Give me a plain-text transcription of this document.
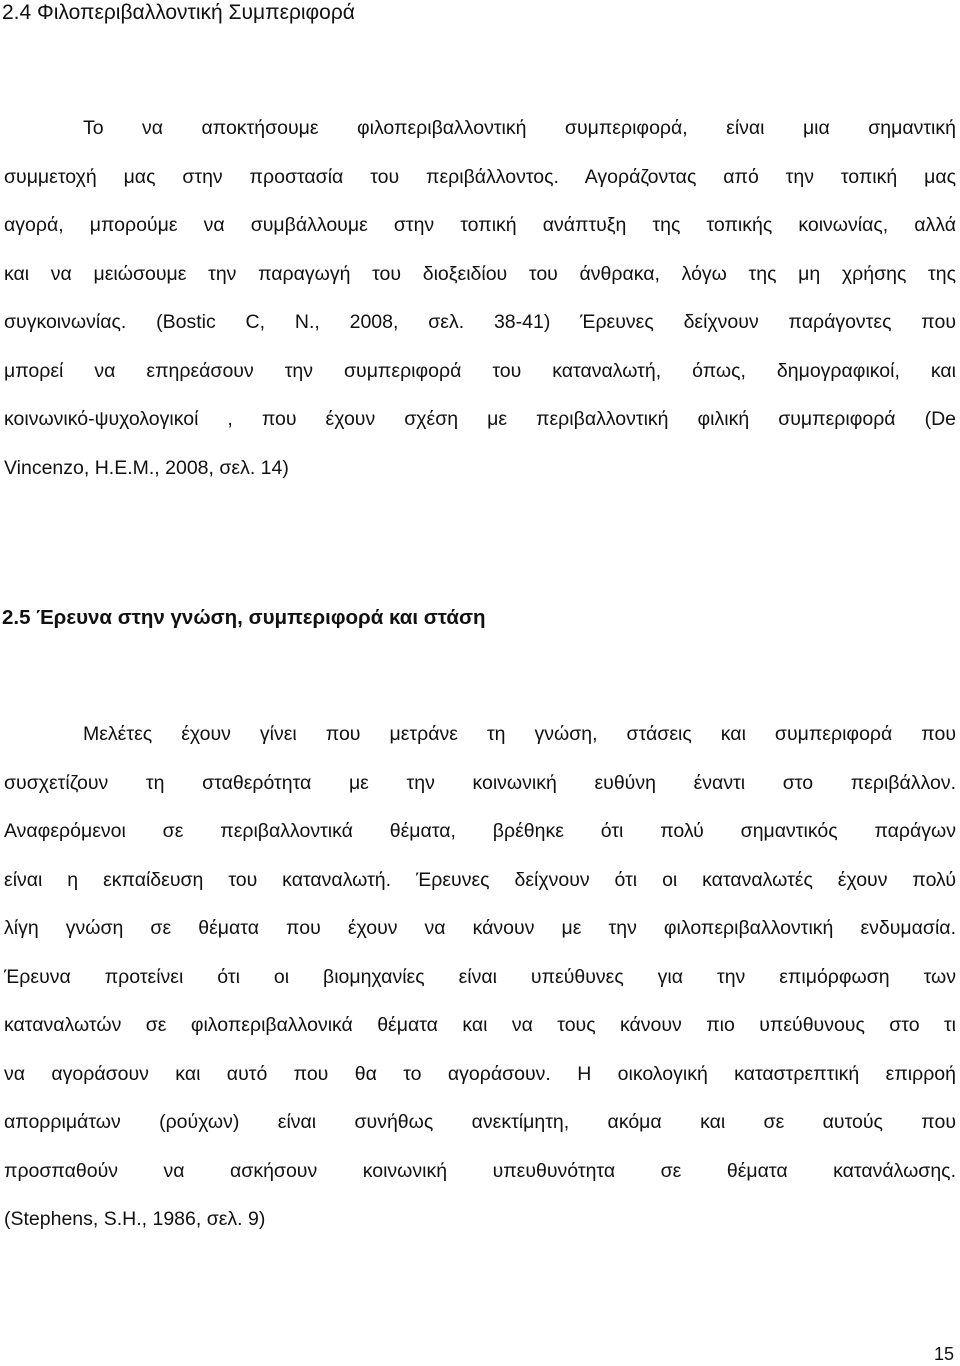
2.4 Φιλοπεριβαλλοντική Συμπεριφορά
Το να αποκτήσουμε φιλοπεριβαλλοντική συμπεριφορά, είναι μια σημαντική
συμμετοχή μας στην προστασία του περιβάλλοντος. Αγοράζοντας από την τοπική μας
αγορά, μπορούμε να συμβάλλουμε στην τοπική ανάπτυξη της τοπικής κοινωνίας, αλλά
και να μειώσουμε την παραγωγή του διοξειδίου του άνθρακα, λόγω της μη χρήσης της
συγκοινωνίας. (Bostic C, N., 2008, σελ. 38-41) Έρευνες δείχνουν παράγοντες που
μπορεί να επηρεάσουν την συμπεριφορά του καταναλωτή, όπως, δημογραφικοί, και
κοινωνικό-ψυχολογικοί , που έχουν σχέση με περιβαλλοντική φιλική συμπεριφορά (De
Vincenzo, H.E.M., 2008, σελ. 14)
2.5 Έρευνα στην γνώση, συμπεριφορά και στάση
Μελέτες έχουν γίνει που μετράνε τη γνώση, στάσεις και συμπεριφορά που
συσχετίζουν τη σταθερότητα με την κοινωνική ευθύνη έναντι στο περιβάλλον.
Αναφερόμενοι σε περιβαλλοντικά θέματα, βρέθηκε ότι πολύ σημαντικός παράγων
είναι η εκπαίδευση του καταναλωτή. Έρευνες δείχνουν ότι οι καταναλωτές έχουν πολύ
λίγη γνώση σε θέματα που έχουν να κάνουν με την φιλοπεριβαλλοντική ενδυμασία.
Έρευνα προτείνει ότι οι βιομηχανίες είναι υπεύθυνες για την επιμόρφωση των
καταναλωτών σε φιλοπεριβαλλονικά θέματα και να τους κάνουν πιο υπεύθυνους στο τι
να αγοράσουν και αυτό που θα το αγοράσουν. Η οικολογική καταστρεπτική επιρροή
απορριμάτων (ρούχων) είναι συνήθως ανεκτίμητη, ακόμα και σε αυτούς που
προσπαθούν να ασκήσουν κοινωνική υπευθυνότητα σε θέματα κατανάλωσης.
(Stephens, S.H., 1986, σελ. 9)

15
